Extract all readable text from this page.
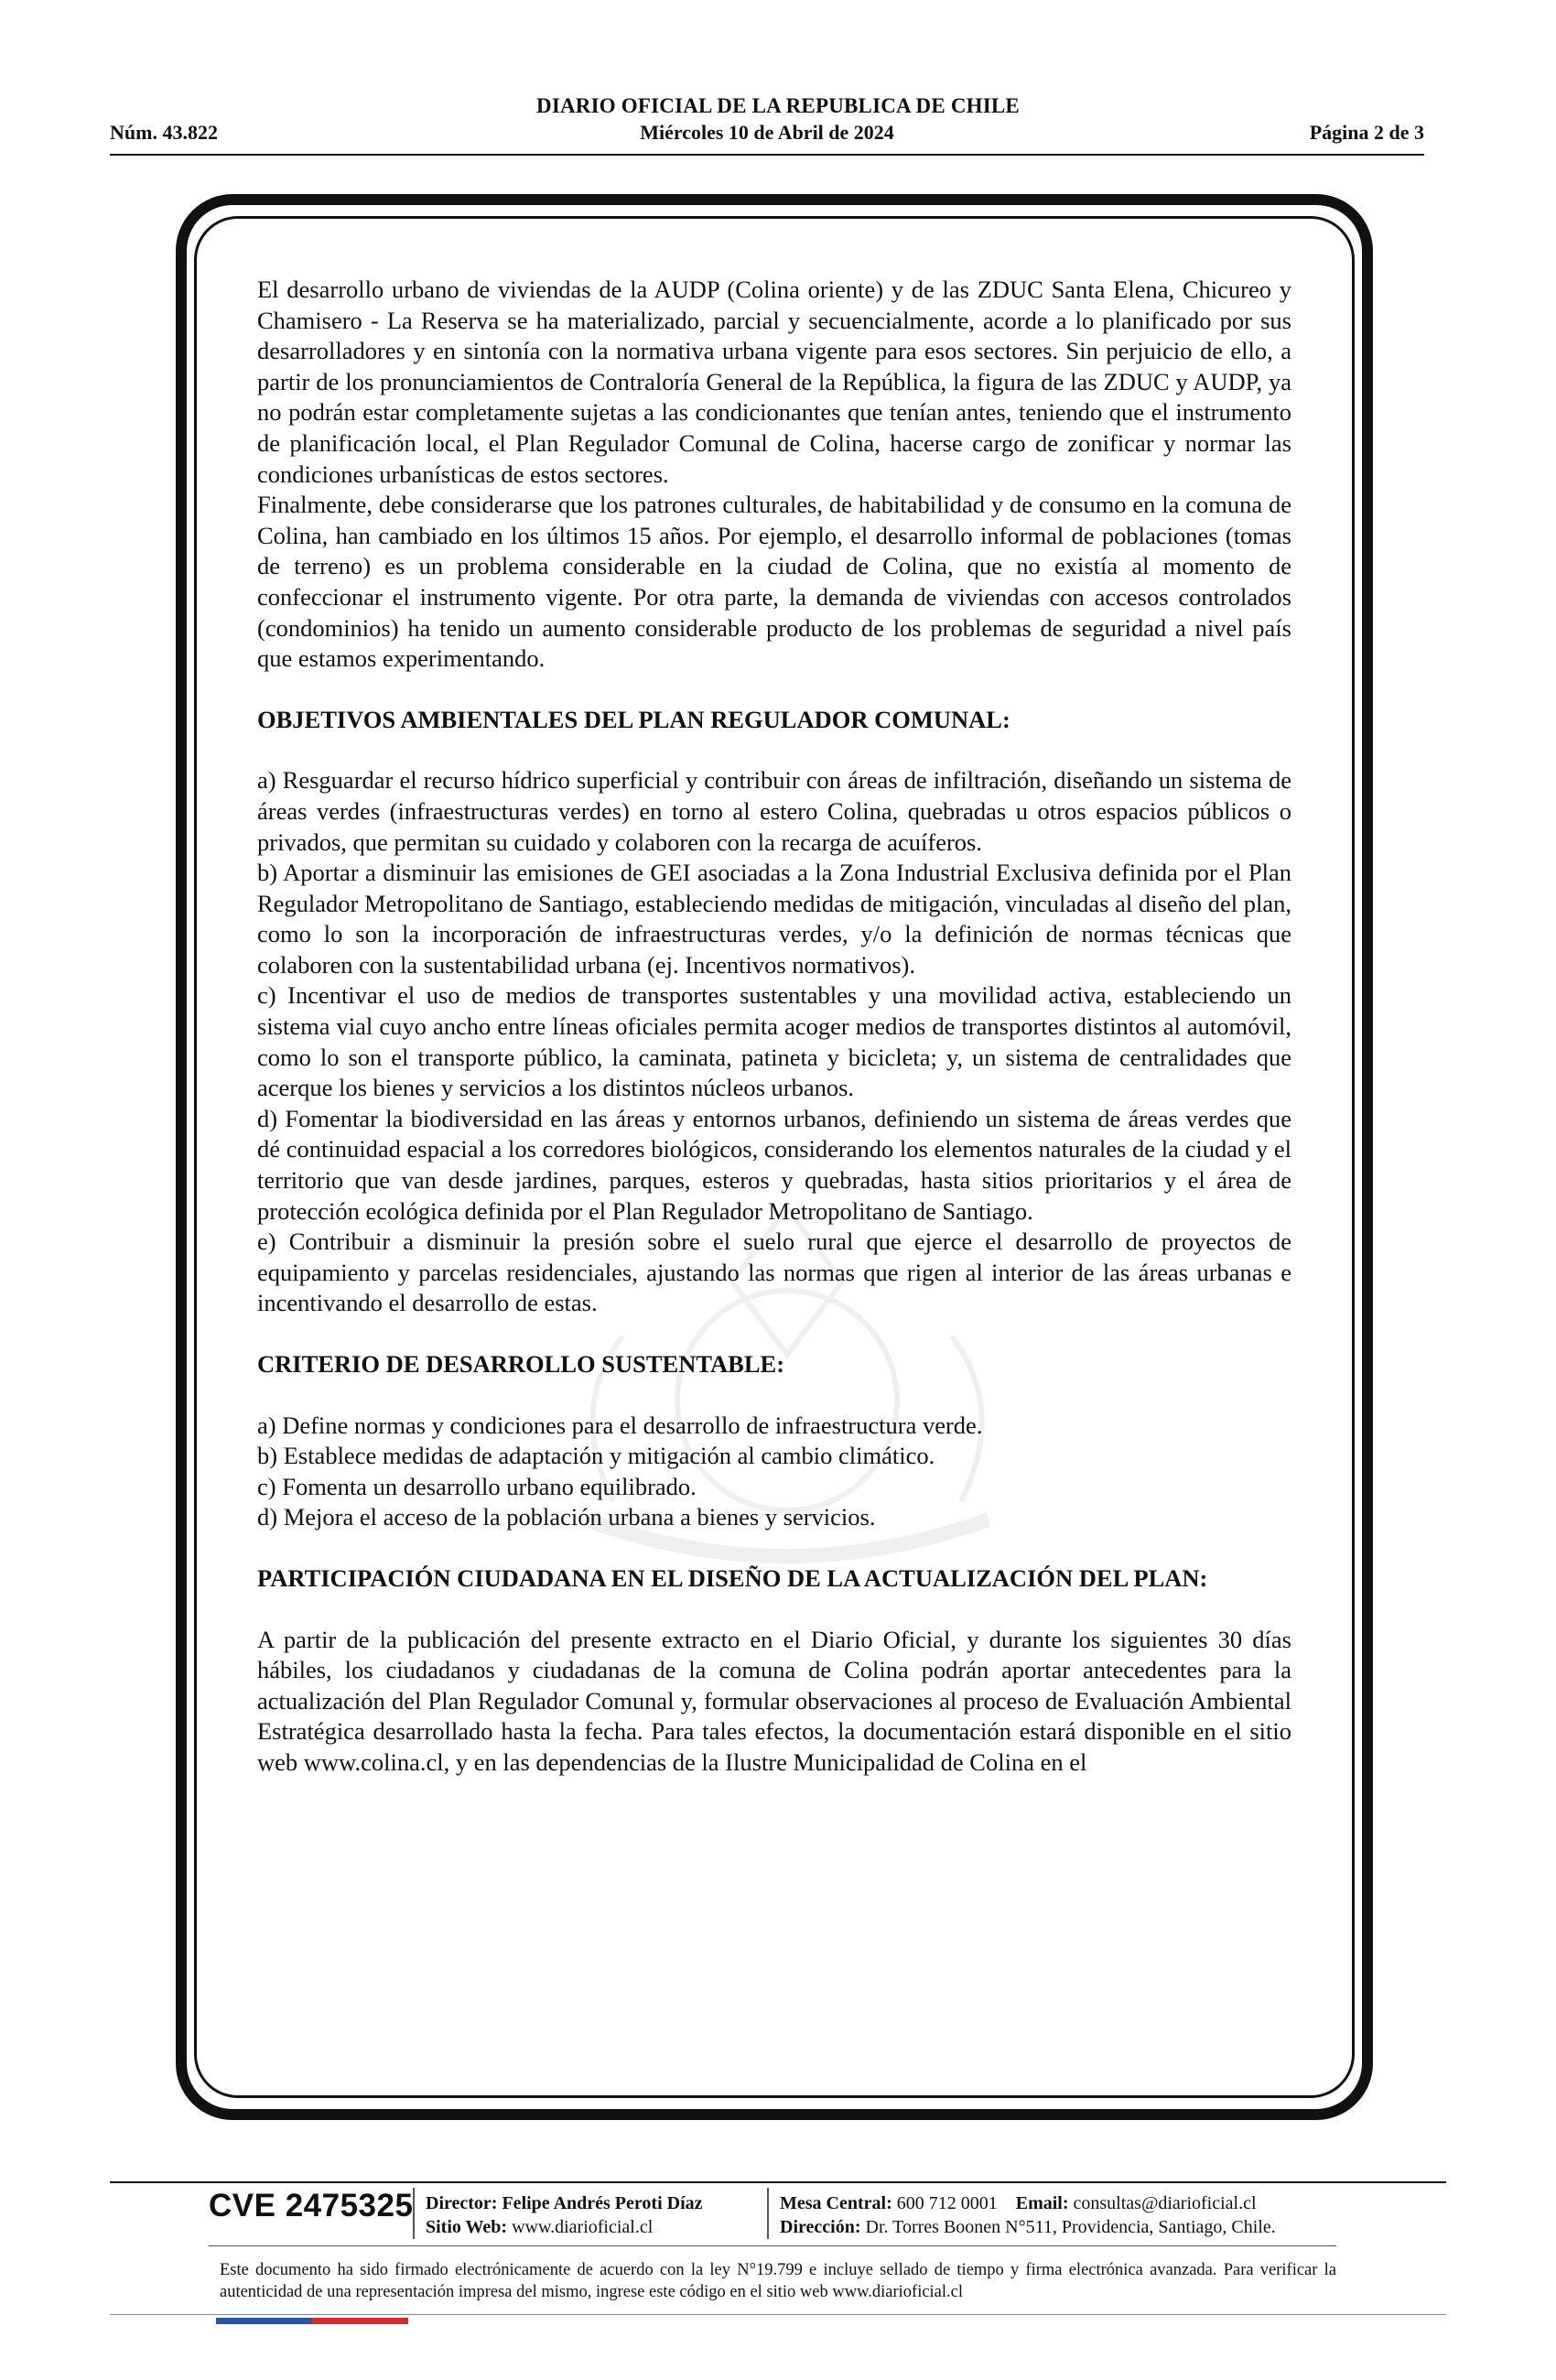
DIARIO OFICIAL DE LA REPUBLICA DE CHILE
Miércoles 10 de Abril de 2024
Núm. 43.822	Página 2 de 3

El desarrollo urbano de viviendas de la AUDP (Colina oriente) y de las ZDUC Santa Elena, Chicureo y Chamisero - La Reserva se ha materializado, parcial y secuencialmente, acorde a lo planificado por sus desarrolladores y en sintonía con la normativa urbana vigente para esos sectores. Sin perjuicio de ello, a partir de los pronunciamientos de Contraloría General de la República, la figura de las ZDUC y AUDP, ya no podrán estar completamente sujetas a las condicionantes que tenían antes, teniendo que el instrumento de planificación local, el Plan Regulador Comunal de Colina, hacerse cargo de zonificar y normar las condiciones urbanísticas de estos sectores.

Finalmente, debe considerarse que los patrones culturales, de habitabilidad y de consumo en la comuna de Colina, han cambiado en los últimos 15 años. Por ejemplo, el desarrollo informal de poblaciones (tomas de terreno) es un problema considerable en la ciudad de Colina, que no existía al momento de confeccionar el instrumento vigente. Por otra parte, la demanda de viviendas con accesos controlados (condominios) ha tenido un aumento considerable producto de los problemas de seguridad a nivel país que estamos experimentando.

OBJETIVOS AMBIENTALES DEL PLAN REGULADOR COMUNAL:

a) Resguardar el recurso hídrico superficial y contribuir con áreas de infiltración, diseñando un sistema de áreas verdes (infraestructuras verdes) en torno al estero Colina, quebradas u otros espacios públicos o privados, que permitan su cuidado y colaboren con la recarga de acuíferos.

b) Aportar a disminuir las emisiones de GEI asociadas a la Zona Industrial Exclusiva definida por el Plan Regulador Metropolitano de Santiago, estableciendo medidas de mitigación, vinculadas al diseño del plan, como lo son la incorporación de infraestructuras verdes, y/o la definición de normas técnicas que colaboren con la sustentabilidad urbana (ej. Incentivos normativos).

c) Incentivar el uso de medios de transportes sustentables y una movilidad activa, estableciendo un sistema vial cuyo ancho entre líneas oficiales permita acoger medios de transportes distintos al automóvil, como lo son el transporte público, la caminata, patineta y bicicleta; y, un sistema de centralidades que acerque los bienes y servicios a los distintos núcleos urbanos.

d) Fomentar la biodiversidad en las áreas y entornos urbanos, definiendo un sistema de áreas verdes que dé continuidad espacial a los corredores biológicos, considerando los elementos naturales de la ciudad y el territorio que van desde jardines, parques, esteros y quebradas, hasta sitios prioritarios y el área de protección ecológica definida por el Plan Regulador Metropolitano de Santiago.

e) Contribuir a disminuir la presión sobre el suelo rural que ejerce el desarrollo de proyectos de equipamiento y parcelas residenciales, ajustando las normas que rigen al interior de las áreas urbanas e incentivando el desarrollo de estas.

CRITERIO DE DESARROLLO SUSTENTABLE:

a) Define normas y condiciones para el desarrollo de infraestructura verde.

b) Establece medidas de adaptación y mitigación al cambio climático.

c) Fomenta un desarrollo urbano equilibrado.

d) Mejora el acceso de la población urbana a bienes y servicios.

PARTICIPACIÓN CIUDADANA EN EL DISEÑO DE LA ACTUALIZACIÓN DEL PLAN:

A partir de la publicación del presente extracto en el Diario Oficial, y durante los siguientes 30 días hábiles, los ciudadanos y ciudadanas de la comuna de Colina podrán aportar antecedentes para la actualización del Plan Regulador Comunal y, formular observaciones al proceso de Evaluación Ambiental Estratégica desarrollado hasta la fecha. Para tales efectos, la documentación estará disponible en el sitio web www.colina.cl, y en las dependencias de la Ilustre Municipalidad de Colina en el

CVE 2475325 Director: Felipe Andrés Peroti Díaz
Sitio Web: www.diarioficial.cl
Mesa Central: 600 712 0001 Email: consultas@diarioficial.cl
Dirección: Dr. Torres Boonen N°511, Providencia, Santiago, Chile.
Este documento ha sido firmado electrónicamente de acuerdo con la ley N°19.799 e incluye sellado de tiempo y firma electrónica avanzada. Para verificar la autenticidad de una representación impresa del mismo, ingrese este código en el sitio web www.diarioficial.cl
